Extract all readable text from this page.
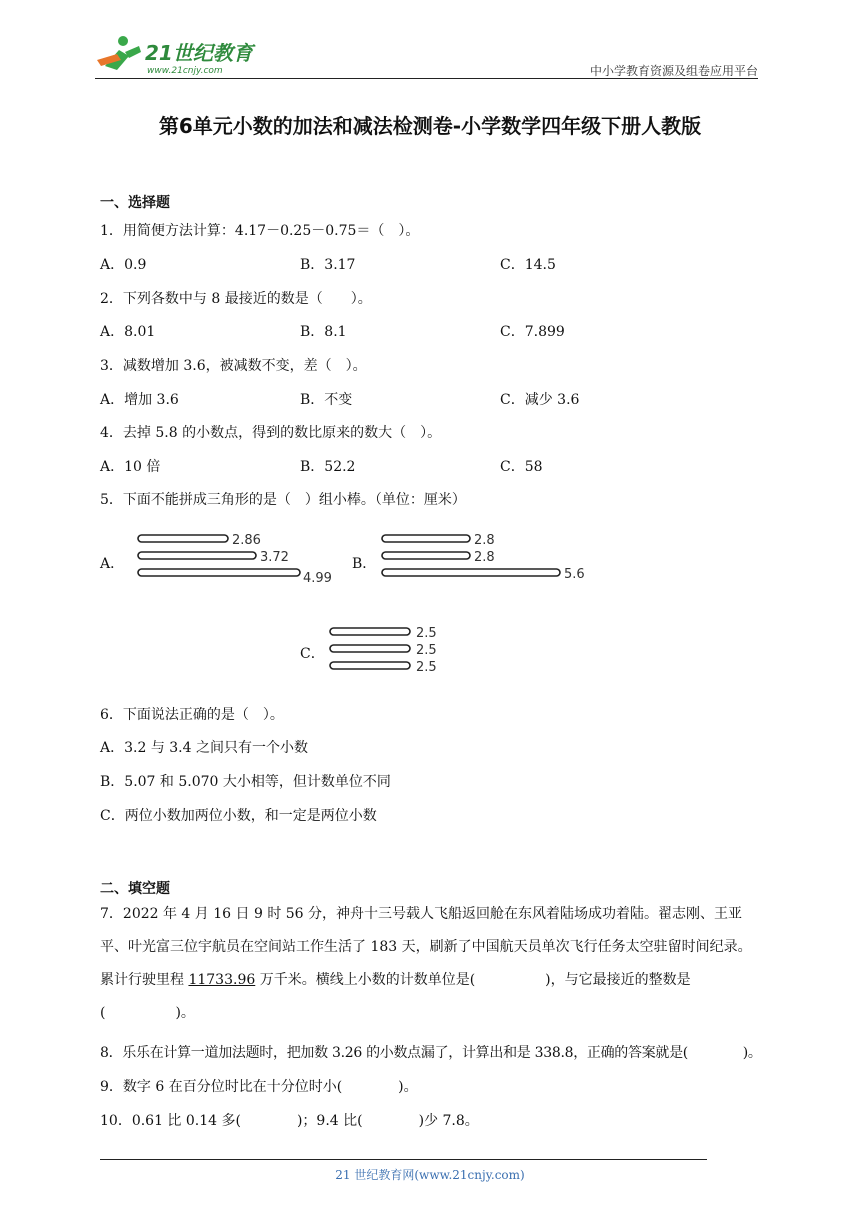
21世纪教育
www.21cnjy.com	中小学教育资源及组卷应用平台
第6单元小数的加法和减法检测卷-小学数学四年级下册人教版
一、选择题
1．用简便方法计算：4.17－0.25－0.75＝（　）。
A．0.9	B．3.17	C．14.5
2．下列各数中与 8 最接近的数是（　　）。
A．8.01	B．8.1	C．7.899
3．减数增加 3.6，被减数不变，差（　）。
A．增加 3.6	B．不变	C．减少 3.6
4．去掉 5.8 的小数点，得到的数比原来的数大（　）。
A．10 倍	B．52.2	C．58
5．下面不能拼成三角形的是（　）组小棒。（单位：厘米）
A．
2.86
3.72
4.99
B．
2.8
2.8
5.6
C．
2.5
2.5
2.5
6．下面说法正确的是（　）。
A．3.2 与 3.4 之间只有一个小数
B．5.07 和 5.070 大小相等，但计数单位不同
C．两位小数加两位小数，和一定是两位小数
二、填空题
7．2022 年 4 月 16 日 9 时 56 分，神舟十三号载人飞船返回舱在东风着陆场成功着陆。翟志刚、王亚平、叶光富三位宇航员在空间站工作生活了 183 天，刷新了中国航天员单次飞行任务太空驻留时间纪录。累计行驶里程 11733.96 万千米。横线上小数的计数单位是(　　　　　)，与它最接近的整数是(　　　　　)。
8．乐乐在计算一道加法题时，把加数 3.26 的小数点漏了，计算出和是 338.8，正确的答案就是(　　　　)。
9．数字 6 在百分位时比在十分位时小(　　　　)。
10．0.61 比 0.14 多(　　　　)；9.4 比(　　　　)少 7.8。
21 世纪教育网(www.21cnjy.com)
